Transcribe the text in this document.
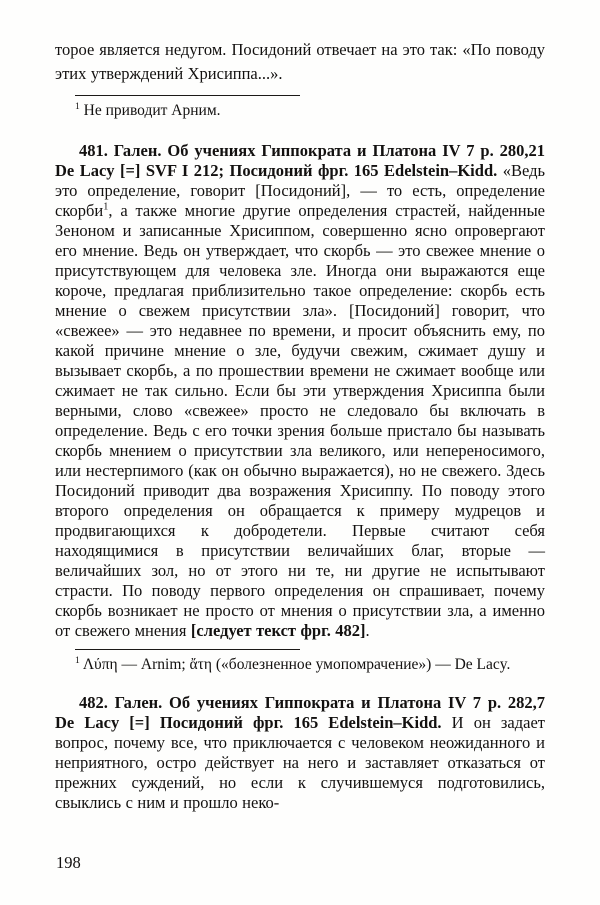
торое является недугом. Посидоний отвечает на это так: «По поводу этих утверждений Хрисиппа...».

$^1$ Не приводит Арним.

481. Гален. Об учениях Гиппократа и Платона IV 7 p. 280,21 De Lacy [=] SVF I 212; Посидоний фрг. 165 Edelstein–Kidd. «Ведь это определение, говорит [Посидоний], — то есть, определение скорби$^1$, а также многие другие определения страстей, найденные Зеноном и записанные Хрисиппом, совершенно ясно опровергают его мнение. Ведь он утверждает, что скорбь — это свежее мнение о присутствующем для человека зле. Иногда они выражаются еще короче, предлагая приблизительно такое определение: скорбь есть мнение о свежем присутствии зла». [Посидоний] говорит, что «свежее» — это недавнее по времени, и просит объяснить ему, по какой причине мнение о зле, будучи свежим, сжимает душу и вызывает скорбь, а по прошествии времени не сжимает вообще или сжимает не так сильно. Если бы эти утверждения Хрисиппа были верными, слово «свежее» просто не следовало бы включать в определение. Ведь с его точки зрения больше пристало бы называть скорбь мнением о присутствии зла великого, или непереносимого, или нестерпимого (как он обычно выражается), но не свежего. Здесь Посидоний приводит два возражения Хрисиппу. По поводу этого второго определения он обращается к примеру мудрецов и продвигающихся к добродетели. Первые считают себя находящимися в присутствии величайших благ, вторые — величайших зол, но от этого ни те, ни другие не испытывают страсти. По поводу первого определения он спрашивает, почему скорбь возникает не просто от мнения о присутствии зла, а именно от свежего мнения [следует текст фрг. 482].

$^1$ Λύπη — Arnim; ἄτη («болезненное умопомрачение») — De Lacy.

482. Гален. Об учениях Гиппократа и Платона IV 7 p. 282,7 De Lacy [=] Посидоний фрг. 165 Edelstein–Kidd. И он задает вопрос, почему все, что приключается с человеком неожиданного и неприятного, остро действует на него и заставляет отказаться от прежних суждений, но если к случившемуся подготовились, свыклись с ним и прошло неко-

198
